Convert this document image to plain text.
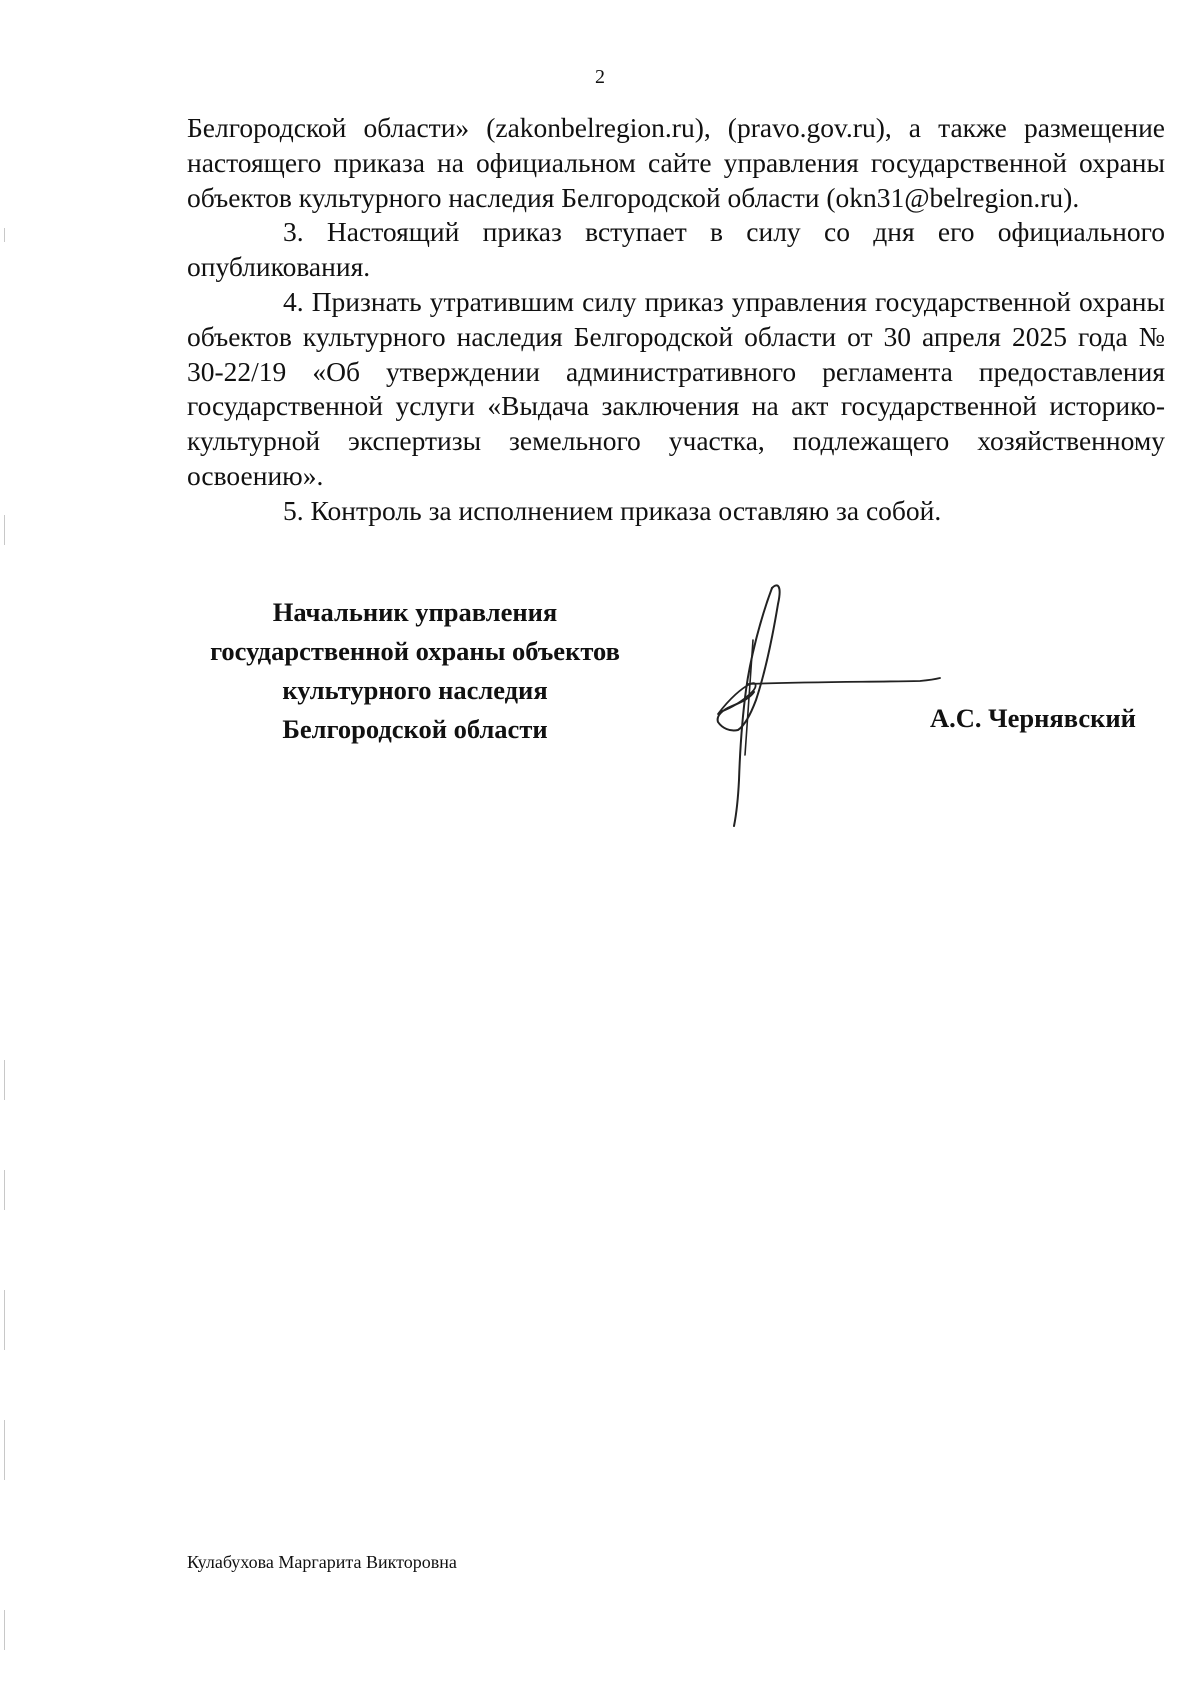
2

Белгородской области» (zakonbelregion.ru), (pravo.gov.ru), а также размещение настоящего приказа на официальном сайте управления государственной охраны объектов культурного наследия Белгородской области (okn31@belregion.ru).

3. Настоящий приказ вступает в силу со дня его официального опубликования.

4. Признать утратившим силу приказ управления государственной охраны объектов культурного наследия Белгородской области от 30 апреля 2025 года № 30-22/19 «Об утверждении административного регламента предоставления государственной услуги «Выдача заключения на акт государственной историко-культурной экспертизы земельного участка, подлежащего хозяйственному освоению».

5. Контроль за исполнением приказа оставляю за собой.

Начальник управления
государственной охраны объектов
культурного наследия
Белгородской области	А.С. Чернявский
Кулабухова Маргарита Викторовна
